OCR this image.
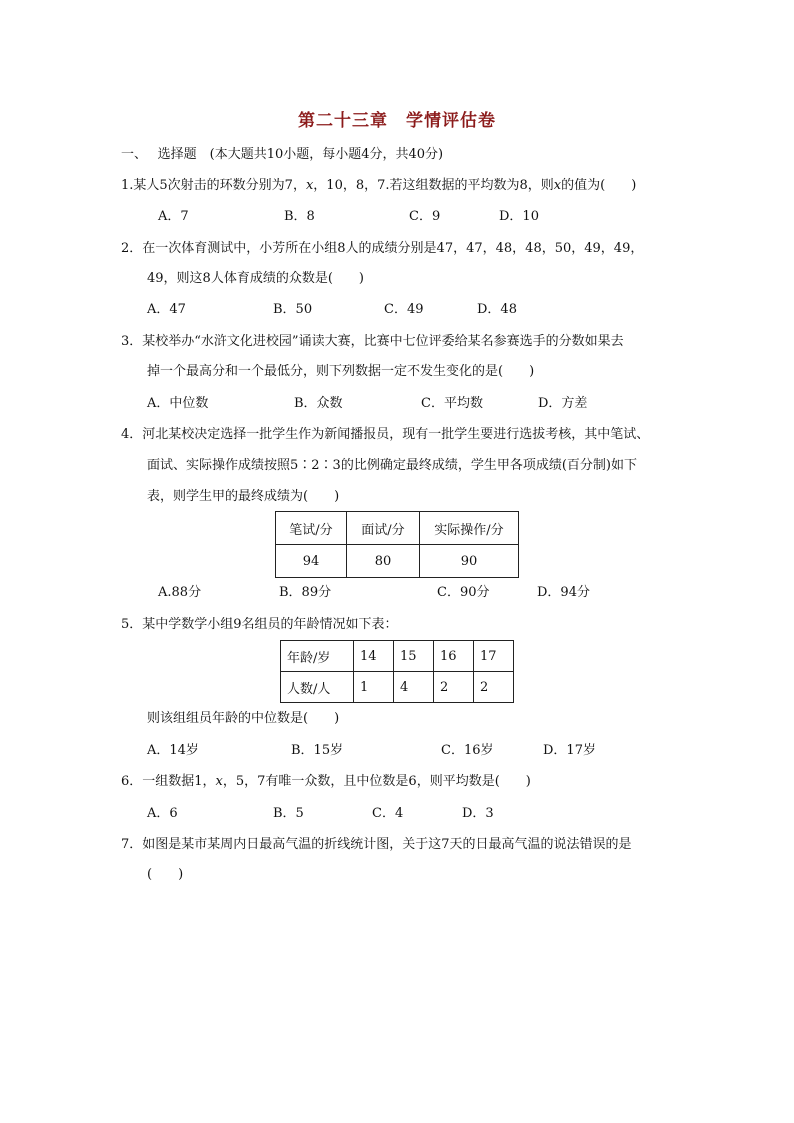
第二十三章　学情评估卷
一、　 选择题　(本大题共10小题，每小题4分，共40分)
1.某人5次射击的环数分别为7，x，10，8，7.若这组数据的平均数为8，则x的值为(　　)
A．7	B．8	C．9	D．10
2．在一次体育测试中，小芳所在小组8人的成绩分别是47，47，48，48，50，49，49，
49，则这8人体育成绩的众数是(　　)
A．47	B．50	C．49	D．48
3．某校举办“水浒文化进校园”诵读大赛，比赛中七位评委给某名参赛选手的分数如果去
掉一个最高分和一个最低分，则下列数据一定不发生变化的是(　　)
A．中位数	B．众数	C．平均数	D．方差
4．河北某校决定选择一批学生作为新闻播报员，现有一批学生要进行选拔考核，其中笔试、
面试、实际操作成绩按照5∶2∶3的比例确定最终成绩，学生甲各项成绩(百分制)如下
表，则学生甲的最终成绩为(　　)
笔试/分	面试/分	实际操作/分
94	80	90
A.88分	B．89分	C．90分	D．94分
5．某中学数学小组9名组员的年龄情况如下表：
年龄/岁	14	15	16	17
人数/人	1	4	2	2
则该组组员年龄的中位数是(　　)
A．14岁	B．15岁	C．16岁	D．17岁
6．一组数据1，x，5，7有唯一众数，且中位数是6，则平均数是(　　)
A．6	B．5	C．4	D．3
7．如图是某市某周内日最高气温的折线统计图，关于这7天的日最高气温的说法错误的是
(　　)
